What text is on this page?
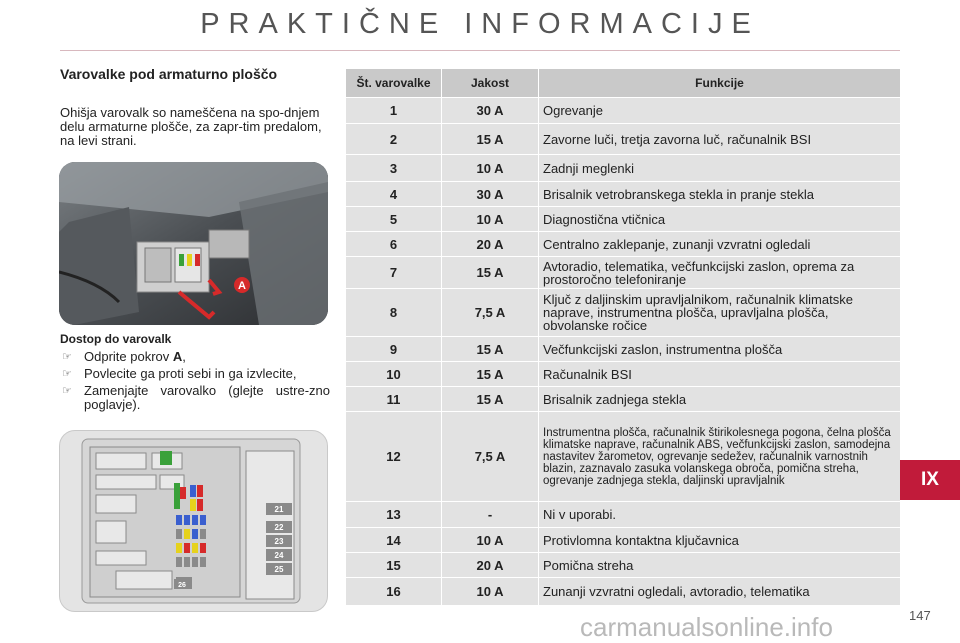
PRAKTIČNE INFORMACIJE
Varovalke pod armaturno ploščo
Ohišja varovalk so nameščena na spo-dnjem delu armaturne plošče, za zapr-tim predalom, na levi strani.
A
Dostop do varovalk
☞ Odprite pokrov A,
☞ Povlecite ga proti sebi in ga izvlecite,
☞ Zamenjajte varovalko (glejte ustre-zno poglavje).
21
22
23
24
25
26
Št. varovalke	Jakost	Funkcije
1	30 A	Ogrevanje
2	15 A	Zavorne luči, tretja zavorna luč, računalnik BSI
3	10 A	Zadnji meglenki
4	30 A	Brisalnik vetrobranskega stekla in pranje stekla
5	10 A	Diagnostična vtičnica
6	20 A	Centralno zaklepanje, zunanji vzvratni ogledali
7	15 A	Avtoradio, telematika, večfunkcijski zaslon, oprema za prostoročno telefoniranje
8	7,5 A	Ključ z daljinskim upravljalnikom, računalnik klimatske naprave, instrumentna plošča, upravljalna plošča, obvolanske ročice
9	15 A	Večfunkcijski zaslon, instrumentna plošča
10	15 A	Računalnik BSI
11	15 A	Brisalnik zadnjega stekla
12	7,5 A	Instrumentna plošča, računalnik štirikolesnega pogona, čelna plošča klimatske naprave, računalnik ABS, večfunkcijski zaslon, samodejna nastavitev žarometov, ogrevanje sedežev, računalnik varnostnih blazin, zaznavalo zasuka volanskega obroča, pomična streha, ogrevanje zadnjega stekla, daljinski upravljalnik
13	-	Ni v uporabi.
14	10 A	Protivlomna kontaktna ključavnica
15	20 A	Pomična streha
16	10 A	Zunanji vzvratni ogledali, avtoradio, telematika
IX
carmanualsonline.info	147
